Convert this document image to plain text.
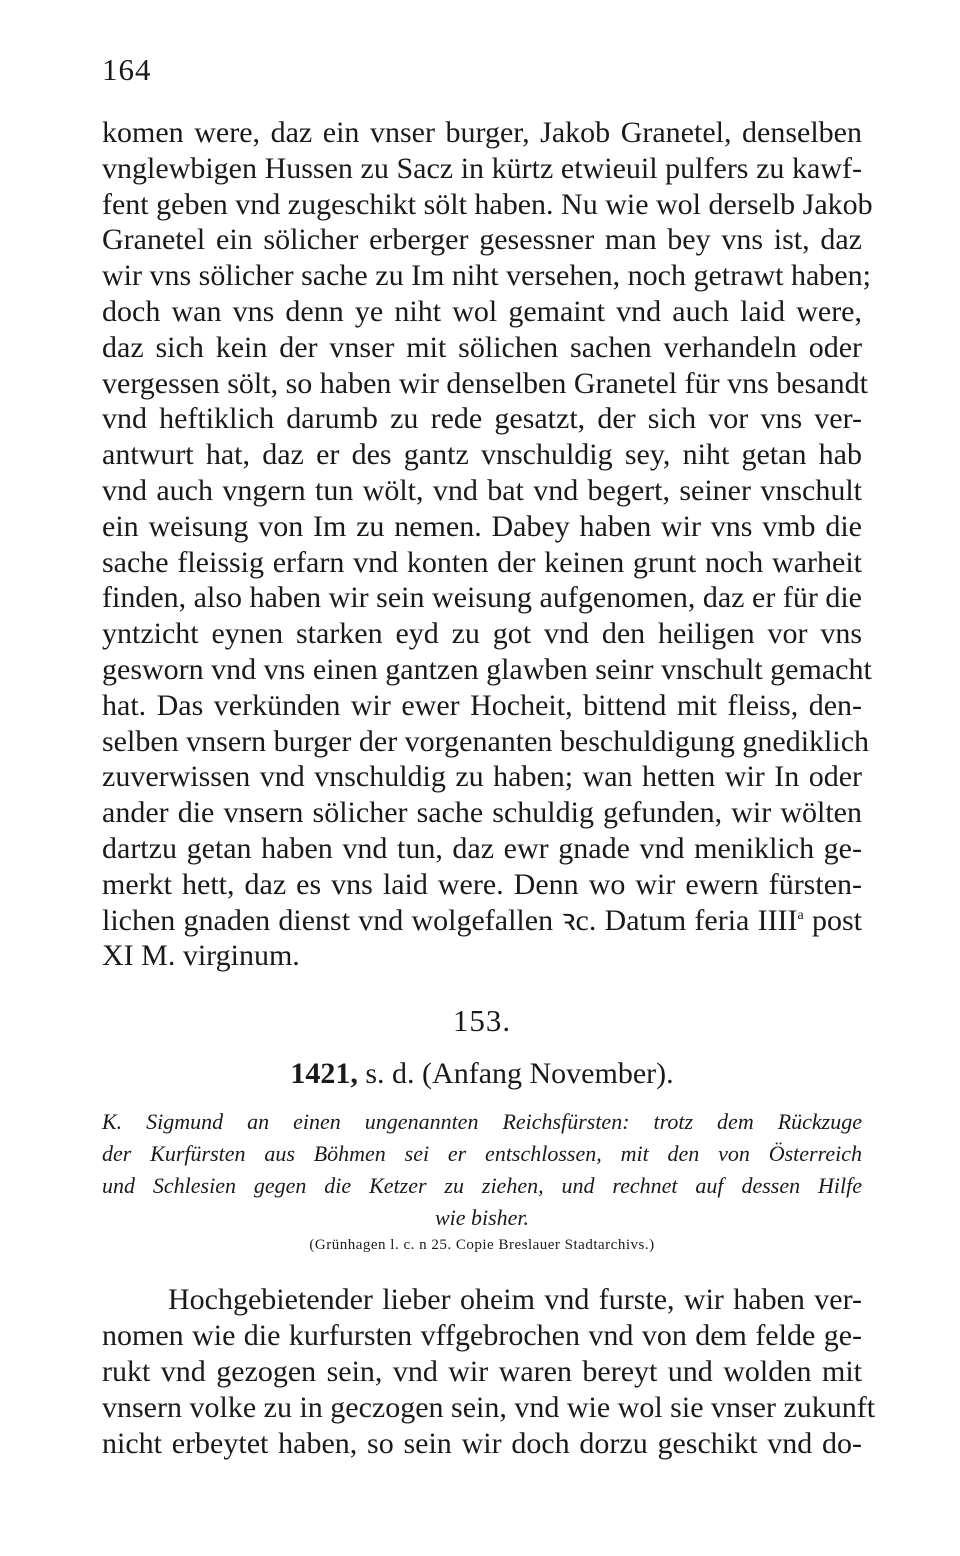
164
komen were, daz ein vnser burger, Jakob Granetel, denselben
vnglewbigen Hussen zu Sacz in kürtz etwieuil pulfers zu kawf-
fent geben vnd zugeschikt sölt haben. Nu wie wol derselb Jakob
Granetel ein sölicher erberger gesessner man bey vns ist, daz
wir vns sölicher sache zu Im niht versehen, noch getrawt haben;
doch wan vns denn ye niht wol gemaint vnd auch laid were,
daz sich kein der vnser mit sölichen sachen verhandeln oder
vergessen sölt, so haben wir denselben Granetel für vns besandt
vnd heftiklich darumb zu rede gesatzt, der sich vor vns ver-
antwurt hat, daz er des gantz vnschuldig sey, niht getan hab
vnd auch vngern tun wölt, vnd bat vnd begert, seiner vnschult
ein weisung von Im zu nemen. Dabey haben wir vns vmb die
sache fleissig erfarn vnd konten der keinen grunt noch warheit
finden, also haben wir sein weisung aufgenomen, daz er für die
yntzicht eynen starken eyd zu got vnd den heiligen vor vns
gesworn vnd vns einen gantzen glawben seinr vnschult gemacht
hat. Das verkünden wir ewer Hocheit, bittend mit fleiss, den-
selben vnsern burger der vorgenanten beschuldigung gnediklich
zuverwissen vnd vnschuldig zu haben; wan hetten wir In oder
ander die vnsern sölicher sache schuldig gefunden, wir wölten
dartzu getan haben vnd tun, daz ewr gnade vnd meniklich ge-
merkt hett, daz es vns laid were. Denn wo wir ewern fürsten-
lichen gnaden dienst vnd wolgefallen ꝛc. Datum feria IIII$^a$ post
XI M. virginum.
153.
1421, s. d. (Anfang November).
K. Sigmund an einen ungenannten Reichsfürsten: trotz dem Rückzuge
der Kurfürsten aus Böhmen sei er entschlossen, mit den von Österreich
und Schlesien gegen die Ketzer zu ziehen, und rechnet auf dessen Hilfe
wie bisher.
(Grünhagen l. c. n 25. Copie Breslauer Stadtarchivs.)
Hochgebietender lieber oheim vnd furste, wir haben ver-
nomen wie die kurfursten vffgebrochen vnd von dem felde ge-
rukt vnd gezogen sein, vnd wir waren bereyt und wolden mit
vnsern volke zu in geczogen sein, vnd wie wol sie vnser zukunft
nicht erbeytet haben, so sein wir doch dorzu geschikt vnd do-
